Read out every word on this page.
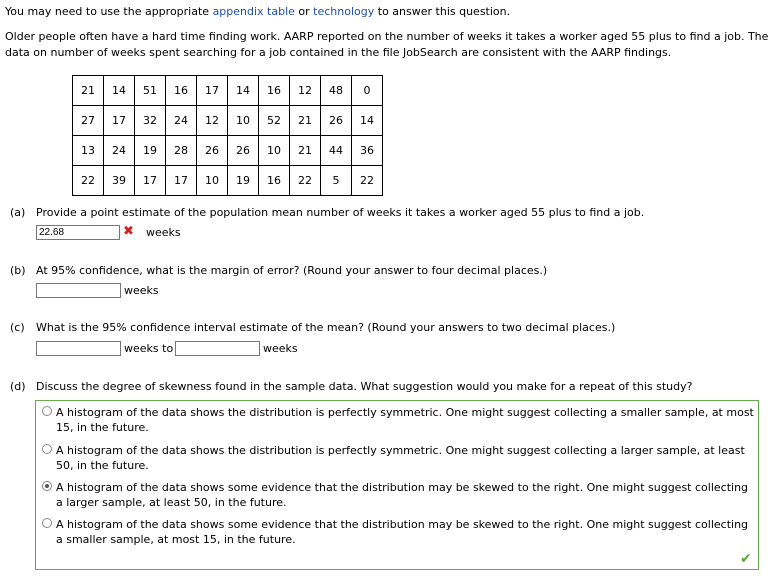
You may need to use the appropriate appendix table or technology to answer this question.
Older people often have a hard time finding work. AARP reported on the number of weeks it takes a worker aged 55 plus to find a job. The data on number of weeks spent searching for a job contained in the file JobSearch are consistent with the AARP findings.
21	14	51	16	17	14	16	12	48	0
27	17	32	24	12	10	52	21	26	14
13	24	19	28	26	26	10	21	44	36
22	39	17	17	10	19	16	22	5	22
(a) Provide a point estimate of the population mean number of weeks it takes a worker aged 55 plus to find a job.
22.68
✖ weeks
(b) At 95% confidence, what is the margin of error? (Round your answer to four decimal places.)
weeks
(c) What is the 95% confidence interval estimate of the mean? (Round your answers to two decimal places.)
weeks to	weeks
(d) Discuss the degree of skewness found in the sample data. What suggestion would you make for a repeat of this study?
A histogram of the data shows the distribution is perfectly symmetric. One might suggest collecting a smaller sample, at most 15, in the future.
A histogram of the data shows the distribution is perfectly symmetric. One might suggest collecting a larger sample, at least 50, in the future.
A histogram of the data shows some evidence that the distribution may be skewed to the right. One might suggest collecting a larger sample, at least 50, in the future.
A histogram of the data shows some evidence that the distribution may be skewed to the right. One might suggest collecting a smaller sample, at most 15, in the future.
✔
